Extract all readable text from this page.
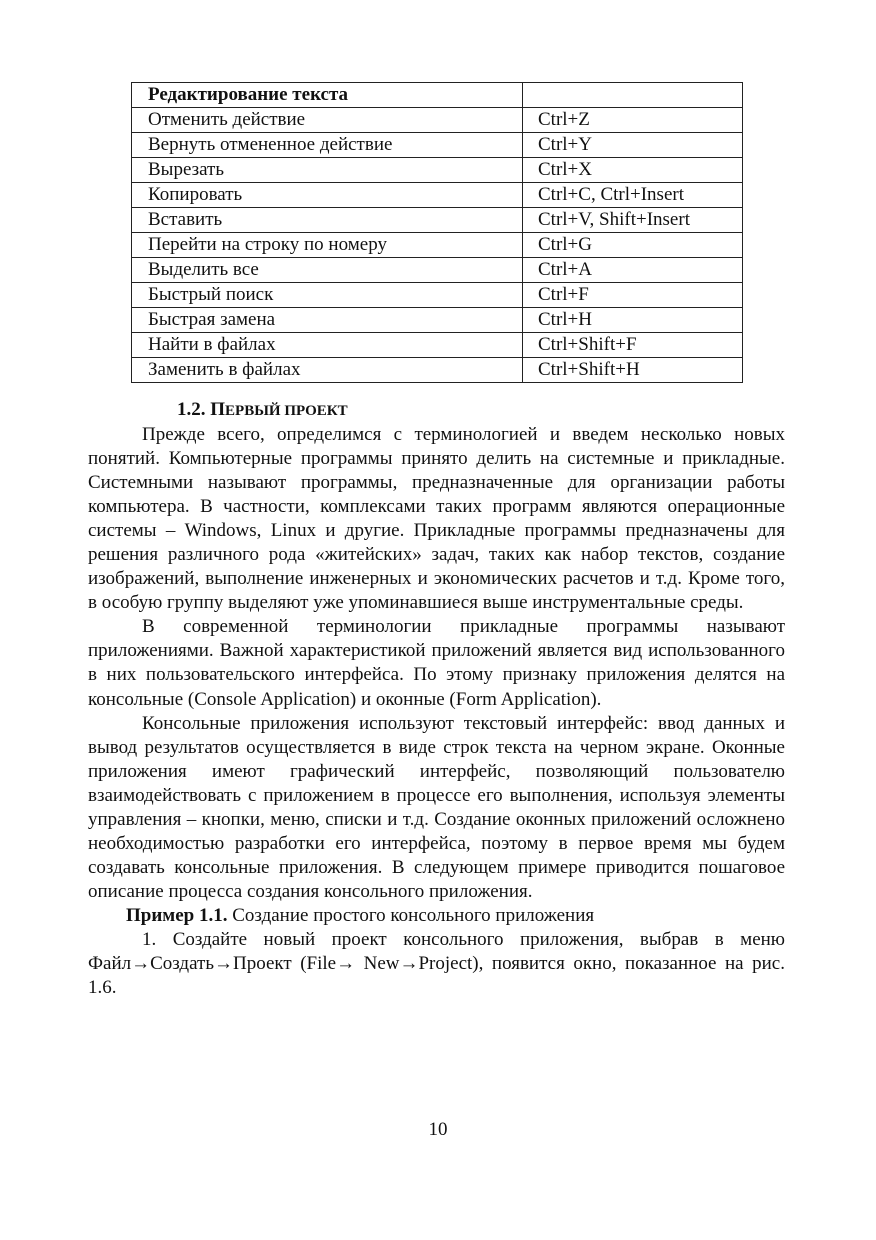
Редактирование текста	
Отменить действие	Ctrl+Z
Вернуть отмененное действие	Ctrl+Y
Вырезать	Ctrl+X
Копировать	Ctrl+C, Ctrl+Insert
Вставить	Ctrl+V, Shift+Insert
Перейти на строку по номеру	Ctrl+G
Выделить все	Ctrl+A
Быстрый поиск	Ctrl+F
Быстрая замена	Ctrl+H
Найти в файлах	Ctrl+Shift+F
Заменить в файлах	Ctrl+Shift+H
1.2. ПЕРВЫЙ ПРОЕКТ

Прежде всего, определимся с терминологией и введем несколько новых понятий. Компьютерные программы принято делить на системные и прикладные. Системными называют программы, предназначенные для организации работы компьютера. В частности, комплексами таких программ являются операционные системы – Windows, Linux и другие. Прикладные программы предназначены для решения различного рода «житейских» задач, таких как набор текстов, создание изображений, выполнение инженерных и экономических расчетов и т.д. Кроме того, в особую группу выделяют уже упоминавшиеся выше инструментальные среды.

В современной терминологии прикладные программы называют приложениями. Важной характеристикой приложений является вид использованного в них пользовательского интерфейса. По этому признаку приложения делятся на консольные (Console Application) и оконные (Form Application).

Консольные приложения используют текстовый интерфейс: ввод данных и вывод результатов осуществляется в виде строк текста на черном экране. Оконные приложения имеют графический интерфейс, позволяющий пользователю взаимодействовать с приложением в процессе его выполнения, используя элементы управления – кнопки, меню, списки и т.д. Создание оконных приложений осложнено необходимостью разработки его интерфейса, поэтому в первое время мы будем создавать консольные приложения. В следующем примере приводится пошаговое описание процесса создания консольного приложения.

Пример 1.1. Создание простого консольного приложения

1. Создайте новый проект консольного приложения, выбрав в меню Файл→Создать→Проект (File→ New→Project), появится окно, показанное на рис. 1.6.

10
